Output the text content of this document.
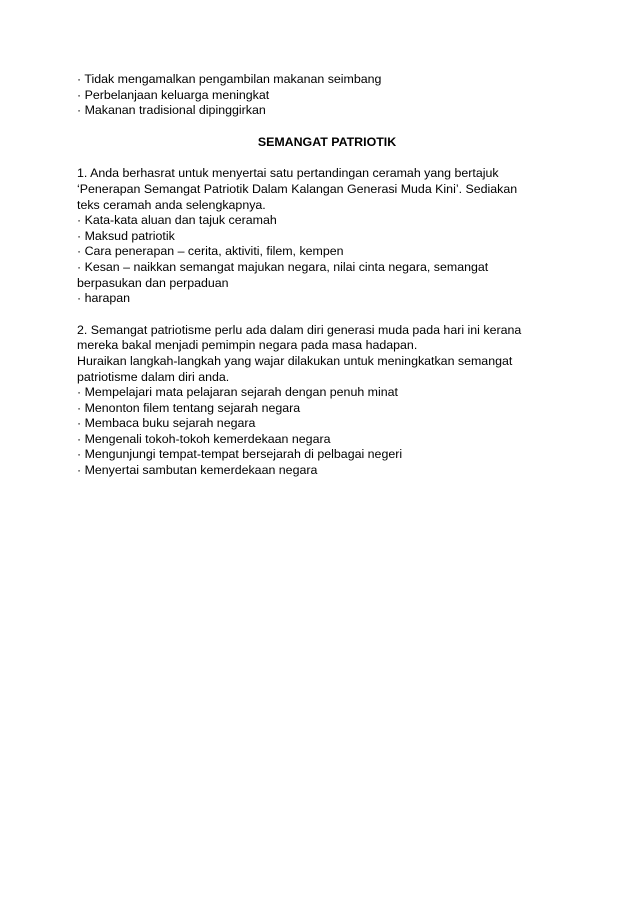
· Tidak mengamalkan pengambilan makanan seimbang

· Perbelanjaan keluarga meningkat

· Makanan tradisional dipinggirkan

SEMANGAT PATRIOTIK

1. Anda berhasrat untuk menyertai satu pertandingan ceramah yang bertajuk

‘Penerapan Semangat Patriotik Dalam Kalangan Generasi Muda Kini’. Sediakan

teks ceramah anda selengkapnya.

· Kata-kata aluan dan tajuk ceramah

· Maksud patriotik

· Cara penerapan – cerita, aktiviti, filem, kempen

· Kesan – naikkan semangat majukan negara, nilai cinta negara, semangat

berpasukan dan perpaduan

· harapan

2. Semangat patriotisme perlu ada dalam diri generasi muda pada hari ini kerana

mereka bakal menjadi pemimpin negara pada masa hadapan.

Huraikan langkah-langkah yang wajar dilakukan untuk meningkatkan semangat

patriotisme dalam diri anda.

· Mempelajari mata pelajaran sejarah dengan penuh minat

· Menonton filem tentang sejarah negara

· Membaca buku sejarah negara

· Mengenali tokoh-tokoh kemerdekaan negara

· Mengunjungi tempat-tempat bersejarah di pelbagai negeri

· Menyertai sambutan kemerdekaan negara
